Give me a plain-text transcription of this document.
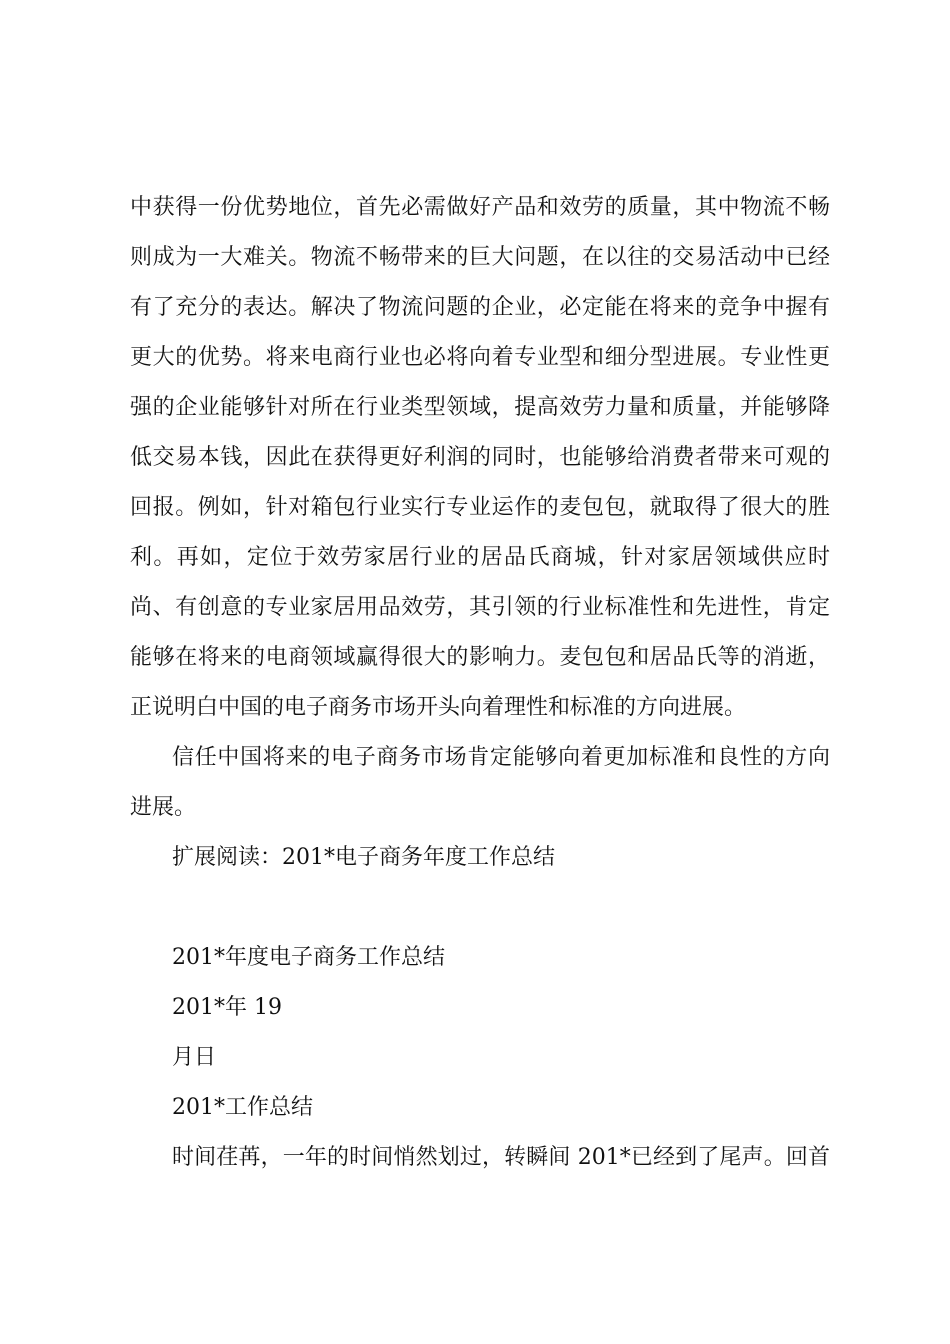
中获得一份优势地位，首先必需做好产品和效劳的质量，其中物流不畅
则成为一大难关。物流不畅带来的巨大问题，在以往的交易活动中已经
有了充分的表达。解决了物流问题的企业，必定能在将来的竞争中握有
更大的优势。将来电商行业也必将向着专业型和细分型进展。专业性更
强的企业能够针对所在行业类型领域，提高效劳力量和质量，并能够降
低交易本钱，因此在获得更好利润的同时，也能够给消费者带来可观的
回报。例如，针对箱包行业实行专业运作的麦包包，就取得了很大的胜
利。再如，定位于效劳家居行业的居品氏商城，针对家居领域供应时
尚、有创意的专业家居用品效劳，其引领的行业标准性和先进性，肯定
能够在将来的电商领域赢得很大的影响力。麦包包和居品氏等的消逝，
正说明白中国的电子商务市场开头向着理性和标准的方向进展。
信任中国将来的电子商务市场肯定能够向着更加标准和良性的方向
进展。
扩展阅读：201*电子商务年度工作总结
201*年度电子商务工作总结
201*年 19
月日
201*工作总结
时间荏苒，一年的时间悄然划过，转瞬间 201*已经到了尾声。回首
